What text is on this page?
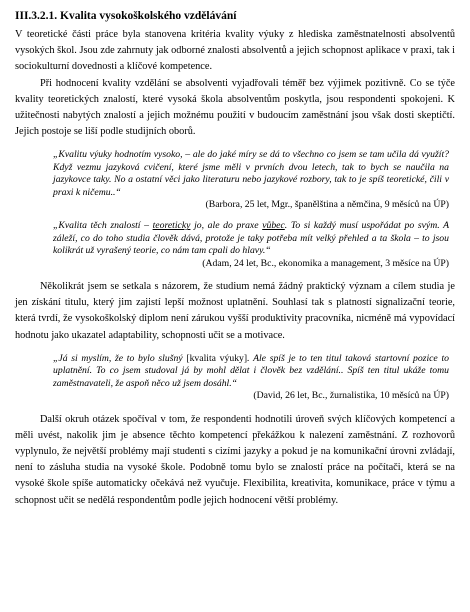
III.3.2.1. Kvalita vysokoškolského vzdělávání

V teoretické části práce byla stanovena kritéria kvality výuky z hlediska zaměstnatelnosti absolventů vysokých škol. Jsou zde zahrnuty jak odborné znalosti absolventů a jejich schopnost aplikace v praxi, tak i sociokulturní dovednosti a klíčové kompetence.

Při hodnocení kvality vzdělání se absolventi vyjadřovali téměř bez výjimek pozitivně. Co se týče kvality teoretických znalostí, které vysoká škola absolventům poskytla, jsou respondenti spokojeni. K užitečnosti nabytých znalostí a jejich možnému použití v budoucím zaměstnání jsou však dosti skeptičtí. Jejich postoje se liší podle studijních oborů.

„Kvalitu výuky hodnotím vysoko, – ale do jaké míry se dá to všechno co jsem se tam učila dá využít? Když vezmu jazyková cvičení, které jsme měli v prvních dvou letech, tak to bych se naučila na jazykovce taky. No a ostatní věci jako literaturu nebo jazykové rozbory, tak to je spíš teoretické, čili v praxi k ničemu..“
(Barbora, 25 let, Mgr., španělština a němčina, 9 měsíců na ÚP)
„Kvalita těch znalostí – teoreticky jo, ale do praxe vůbec. To si každý musí uspořádat po svým. A záleží, co do toho studia člověk dává, protože je taky potřeba mít velký přehled a ta škola – to jsou kolikrát už vyrašený teorie, co nám tam cpali do hlavy.“
(Adam, 24 let, Bc., ekonomika a management, 3 měsíce na ÚP)

Několikrát jsem se setkala s názorem, že studium nemá žádný praktický význam a cílem studia je jen získání titulu, který jim zajistí lepší možnost uplatnění. Souhlasí tak s platností signalizační teorie, která tvrdí, že vysokoškolský diplom není zárukou vyšší produktivity pracovníka, nicméně má vypovídací hodnotu jako ukazatel adaptability, schopnosti učit se a motivace.

„Já si myslím, že to bylo slušný [kvalita výuky]. Ale spíš je to ten titul taková startovní pozice to uplatnění. To co jsem studoval já by mohl dělat i člověk bez vzdělání.. Spíš ten titul ukáže tomu zaměstnavateli, že aspoň něco už jsem dosáhl.“
(David, 26 let, Bc., žurnalistika, 10 měsíců na ÚP)

Další okruh otázek spočíval v tom, že respondenti hodnotili úroveň svých klíčových kompetencí a měli uvést, nakolik jim je absence těchto kompetencí překážkou k nalezení zaměstnání. Z rozhovorů vyplynulo, že největší problémy mají studenti s cizími jazyky a pokud je na komunikační úrovni zvládají, není to zásluha studia na vysoké škole. Podobně tomu bylo se znalostí práce na počítači, která se na vysoké škole spíše automaticky očekává než vyučuje. Flexibilita, kreativita, komunikace, práce v týmu a schopnost učit se nedělá respondentům podle jejich hodnocení větší problémy.
